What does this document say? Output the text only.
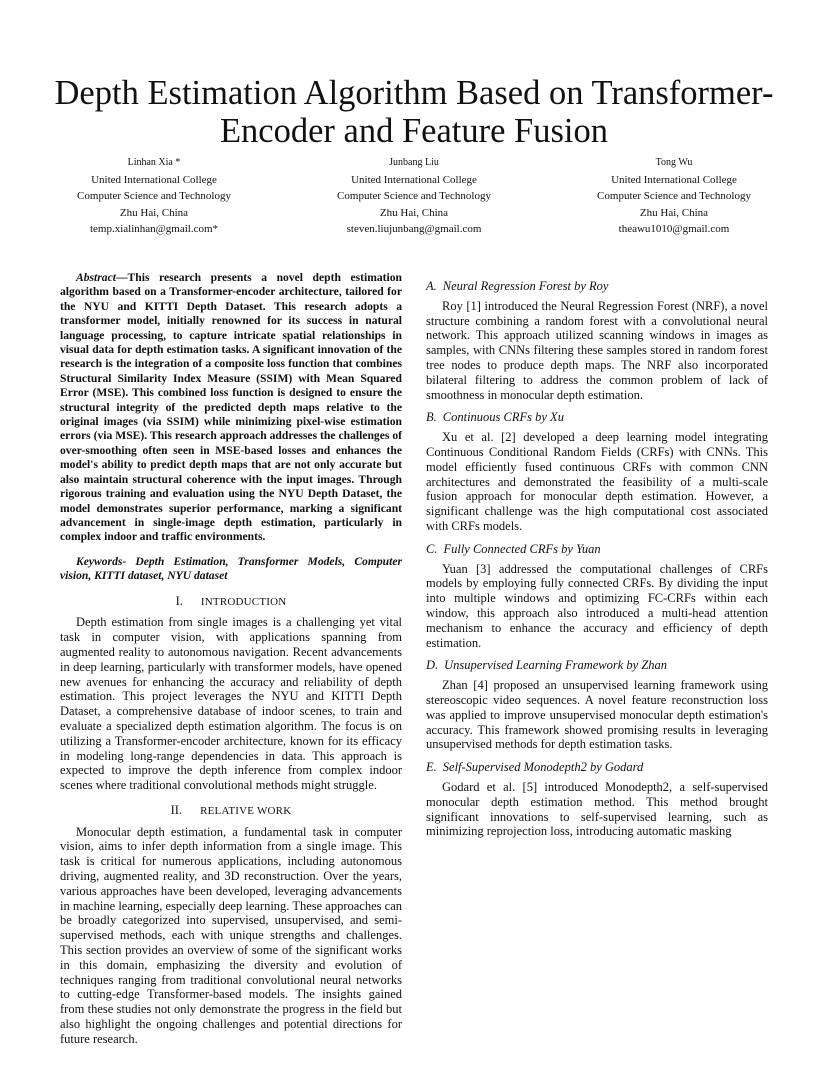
Depth Estimation Algorithm Based on Transformer-Encoder and Feature Fusion
Linhan Xia *
United International College
Computer Science and Technology
Zhu Hai, China
temp.xialinhan@gmail.com*
Junbang Liu
United International College
Computer Science and Technology
Zhu Hai, China
steven.liujunbang@gmail.com
Tong Wu
United International College
Computer Science and Technology
Zhu Hai, China
theawu1010@gmail.com

Abstract—This research presents a novel depth estimation algorithm based on a Transformer-encoder architecture, tailored for the NYU and KITTI Depth Dataset. This research adopts a transformer model, initially renowned for its success in natural language processing, to capture intricate spatial relationships in visual data for depth estimation tasks. A significant innovation of the research is the integration of a composite loss function that combines Structural Similarity Index Measure (SSIM) with Mean Squared Error (MSE). This combined loss function is designed to ensure the structural integrity of the predicted depth maps relative to the original images (via SSIM) while minimizing pixel-wise estimation errors (via MSE). This research approach addresses the challenges of over-smoothing often seen in MSE-based losses and enhances the model's ability to predict depth maps that are not only accurate but also maintain structural coherence with the input images. Through rigorous training and evaluation using the NYU Depth Dataset, the model demonstrates superior performance, marking a significant advancement in single-image depth estimation, particularly in complex indoor and traffic environments.

Keywords- Depth Estimation, Transformer Models, Computer vision, KITTI dataset, NYU dataset

I. INTRODUCTION

Depth estimation from single images is a challenging yet vital task in computer vision, with applications spanning from augmented reality to autonomous navigation. Recent advancements in deep learning, particularly with transformer models, have opened new avenues for enhancing the accuracy and reliability of depth estimation. This project leverages the NYU and KITTI Depth Dataset, a comprehensive database of indoor scenes, to train and evaluate a specialized depth estimation algorithm. The focus is on utilizing a Transformer-encoder architecture, known for its efficacy in modeling long-range dependencies in data. This approach is expected to improve the depth inference from complex indoor scenes where traditional convolutional methods might struggle.

II. RELATIVE WORK

Monocular depth estimation, a fundamental task in computer vision, aims to infer depth information from a single image. This task is critical for numerous applications, including autonomous driving, augmented reality, and 3D reconstruction. Over the years, various approaches have been developed, leveraging advancements in machine learning, especially deep learning. These approaches can be broadly categorized into supervised, unsupervised, and semi-supervised methods, each with unique strengths and challenges. This section provides an overview of some of the significant works in this domain, emphasizing the diversity and evolution of techniques ranging from traditional convolutional neural networks to cutting-edge Transformer-based models. The insights gained from these studies not only demonstrate the progress in the field but also highlight the ongoing challenges and potential directions for future research.

A. Neural Regression Forest by Roy

Roy [1] introduced the Neural Regression Forest (NRF), a novel structure combining a random forest with a convolutional neural network. This approach utilized scanning windows in images as samples, with CNNs filtering these samples stored in random forest tree nodes to produce depth maps. The NRF also incorporated bilateral filtering to address the common problem of lack of smoothness in monocular depth estimation.

B. Continuous CRFs by Xu

Xu et al. [2] developed a deep learning model integrating Continuous Conditional Random Fields (CRFs) with CNNs. This model efficiently fused continuous CRFs with common CNN architectures and demonstrated the feasibility of a multi-scale fusion approach for monocular depth estimation. However, a significant challenge was the high computational cost associated with CRFs models.

C. Fully Connected CRFs by Yuan

Yuan [3] addressed the computational challenges of CRFs models by employing fully connected CRFs. By dividing the input into multiple windows and optimizing FC-CRFs within each window, this approach also introduced a multi-head attention mechanism to enhance the accuracy and efficiency of depth estimation.

D. Unsupervised Learning Framework by Zhan

Zhan [4] proposed an unsupervised learning framework using stereoscopic video sequences. A novel feature reconstruction loss was applied to improve unsupervised monocular depth estimation's accuracy. This framework showed promising results in leveraging unsupervised methods for depth estimation tasks.

E. Self-Supervised Monodepth2 by Godard

Godard et al. [5] introduced Monodepth2, a self-supervised monocular depth estimation method. This method brought significant innovations to self-supervised learning, such as minimizing reprojection loss, introducing automatic masking
